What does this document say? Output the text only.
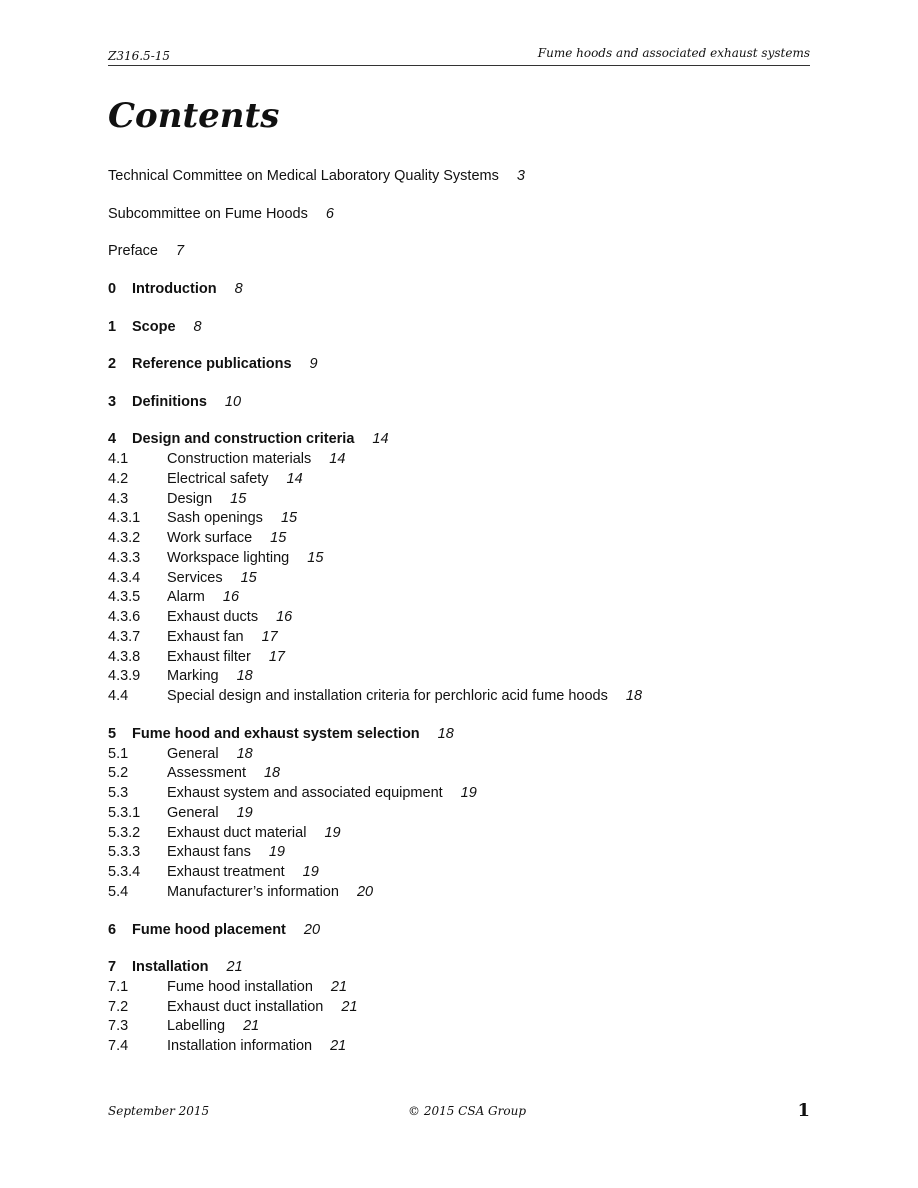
Z316.5-15	Fume hoods and associated exhaust systems
Contents
Technical Committee on Medical Laboratory Quality Systems 3
Subcommittee on Fume Hoods 6
Preface 7
0 Introduction 8
1 Scope 8
2 Reference publications 9
3 Definitions 10
4 Design and construction criteria 14
4.1	Construction materials 14
4.2	Electrical safety 14
4.3	Design 15
4.3.1 Sash openings 15
4.3.2 Work surface 15
4.3.3 Workspace lighting 15
4.3.4 Services 15
4.3.5 Alarm 16
4.3.6 Exhaust ducts 16
4.3.7 Exhaust fan 17
4.3.8 Exhaust filter 17
4.3.9 Marking 18
4.4	Special design and installation criteria for perchloric acid fume hoods 18
5 Fume hood and exhaust system selection 18
5.1	General 18
5.2	Assessment 18
5.3	Exhaust system and associated equipment 19
5.3.1 General 19
5.3.2 Exhaust duct material 19
5.3.3 Exhaust fans 19
5.3.4 Exhaust treatment 19
5.4	Manufacturer’s information 20
6 Fume hood placement 20
7 Installation 21
7.1	Fume hood installation 21
7.2	Exhaust duct installation 21
7.3	Labelling 21
7.4	Installation information 21
September 2015	© 2015 CSA Group	1
